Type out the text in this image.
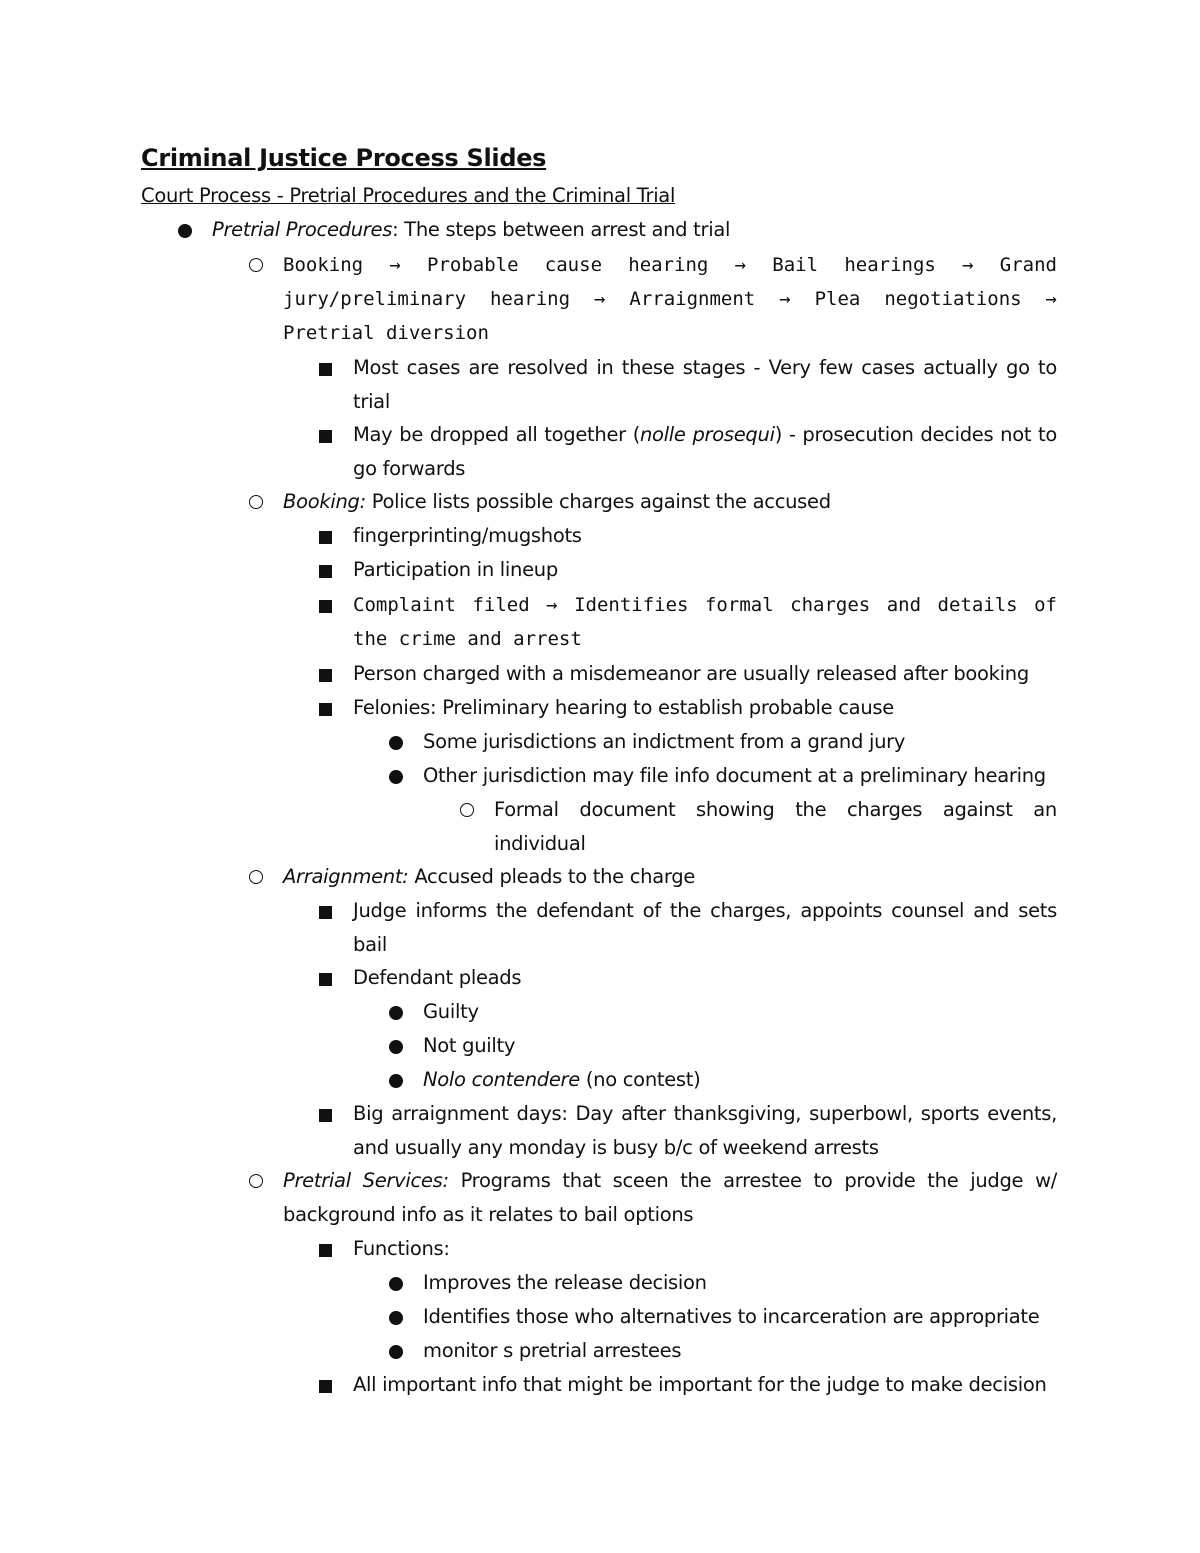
Criminal Justice Process Slides
Court Process - Pretrial Procedures and the Criminal Trial
Pretrial Procedures: The steps between arrest and trial
Booking → Probable cause hearing → Bail hearings → Grand jury/preliminary hearing → Arraignment → Plea negotiations → Pretrial diversion
Most cases are resolved in these stages - Very few cases actually go to trial
May be dropped all together (nolle prosequi) - prosecution decides not to go forwards
Booking: Police lists possible charges against the accused
fingerprinting/mugshots
Participation in lineup
Complaint filed → Identifies formal charges and details of the crime and arrest
Person charged with a misdemeanor are usually released after booking
Felonies: Preliminary hearing to establish probable cause
Some jurisdictions an indictment from a grand jury
Other jurisdiction may file info document at a preliminary hearing
Formal document showing the charges against an individual
Arraignment: Accused pleads to the charge
Judge informs the defendant of the charges, appoints counsel and sets bail
Defendant pleads
Guilty
Not guilty
Nolo contendere (no contest)
Big arraignment days: Day after thanksgiving, superbowl, sports events, and usually any monday is busy b/c of weekend arrests
Pretrial Services: Programs that sceen the arrestee to provide the judge w/ background info as it relates to bail options
Functions:
Improves the release decision
Identifies those who alternatives to incarceration are appropriate
monitor s pretrial arrestees
All important info that might be important for the judge to make decision
